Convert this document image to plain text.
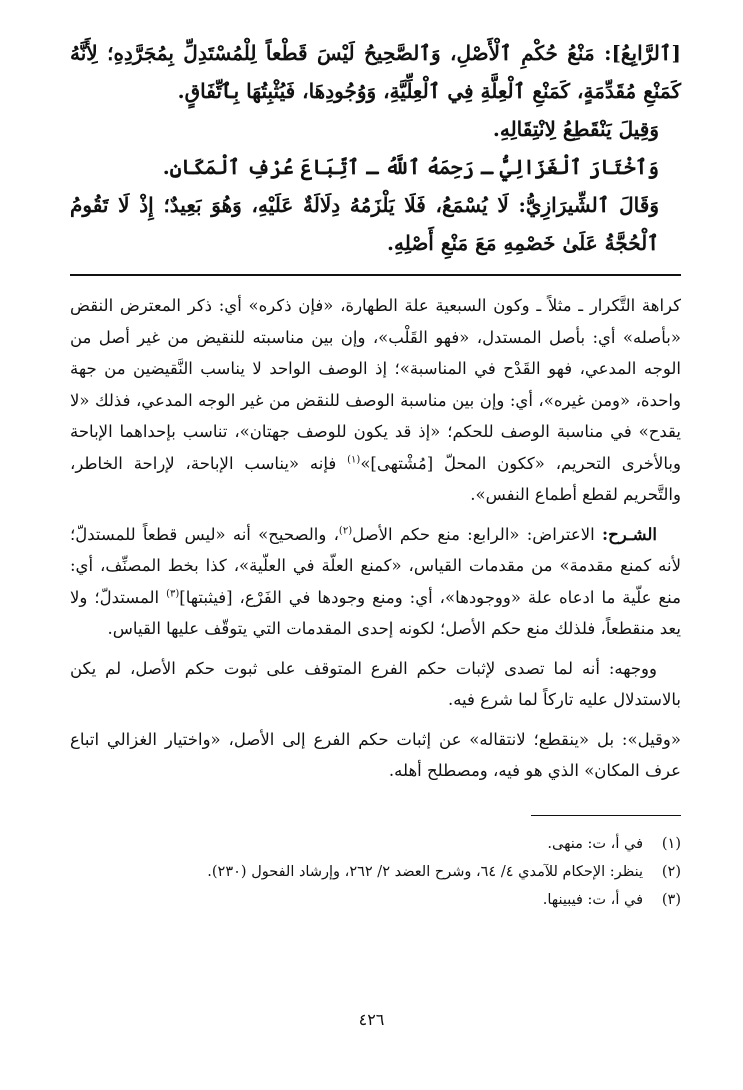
[ٱلرَّابِعُ]: مَنْعُ حُكْمِ ٱلْأَصْلِ، وَٱلصَّحِيحُ لَيْسَ قَطْعاً لِلْمُسْتَدِلِّ بِمُجَرَّدِهِ؛ لِأَنَّهُ كَمَنْعِ مُقَدِّمَةٍ، كَمَنْعِ ٱلْعِلَّةِ فِي ٱلْعِلِّيَّةِ، وَوُجُودِهَا، فَيُثْبِتُهَا بِٱتِّفَاقٍ.

وَقِيلَ يَنْقَطِعُ لِانْتِقَالِهِ.

وَٱخْتَارَ ٱلْغَزَالِيُّ ـ رَحِمَهُ ٱللَّهُ ـ ٱتِّبَاعَ عُرْفِ ٱلْمَكَانِ.

وَقَالَ ٱلشِّيرَازِيُّ: لَا يُسْمَعُ، فَلَا يَلْزَمُهُ دِلَالَةٌ عَلَيْهِ، وَهُوَ بَعِيدٌ؛ إِذْ لَا تَقُومُ ٱلْحُجَّةُ عَلَىٰ خَصْمِهِ مَعَ مَنْعِ أَصْلِهِ.

كراهة التَّكرار ـ مثلاً ـ وكون السبعية علة الطهارة، «فإن ذكره» أي: ذكر المعترض النقض «بأصله» أي: بأصل المستدل، «فهو القَلْب»، وإن بين مناسبته للنقيض من غير أصل من الوجه المدعي، فهو القَدْح في المناسبة»؛ إذ الوصف الواحد لا يناسب النَّقيضين من جهة واحدة، «ومن غيره»، أي: وإن بين مناسبة الوصف للنقض من غير الوجه المدعي، فذلك «لا يقدح» في مناسبة الوصف للحكم؛ «إذ قد يكون للوصف جهتان»، تناسب بإحداهما الإباحة وبالأخرى التحريم، «ككون المحلّ [مُشْتهى]»$^{(١)}$ فإنه «يناسب الإباحة، لإراحة الخاطر، والتَّحريم لقطع أطماع النفس».

الشـرح: الاعتراض: «الرابع: منع حكم الأصل$^{(٢)}$، والصحيح» أنه «ليس قطعاً للمستدلّ؛ لأنه كمنع مقدمة» من مقدمات القياس، «كمنع العلّة في العلّية»، كذا بخط المصنِّف، أي: منع علّية ما ادعاه علة «ووجودها»، أي: ومنع وجودها في الفَرْع، [فيثبتها]$^{(٣)}$ المستدلّ؛ ولا يعد منقطعاً، فلذلك منع حكم الأصل؛ لكونه إحدى المقدمات التي يتوقّف عليها القياس.

ووجهه: أنه لما تصدى لإثبات حكم الفرع المتوقف على ثبوت حكم الأصل، لم يكن بالاستدلال عليه تاركاً لما شرع فيه.

«وقيل»: بل «ينقطع؛ لانتقاله» عن إثبات حكم الفرع إلى الأصل، «واختيار الغزالي اتباع عرف المكان» الذي هو فيه، ومصطلح أهله.

(١)
في أ، ت: منهى.
(٢)
ينظر: الإحكام للآمدي ٤/ ٦٤، وشرح العضد ٢/ ٢٦٢، وإرشاد الفحول (٢٣٠).
(٣)
في أ، ت: فيبينها.
٤٢٦
